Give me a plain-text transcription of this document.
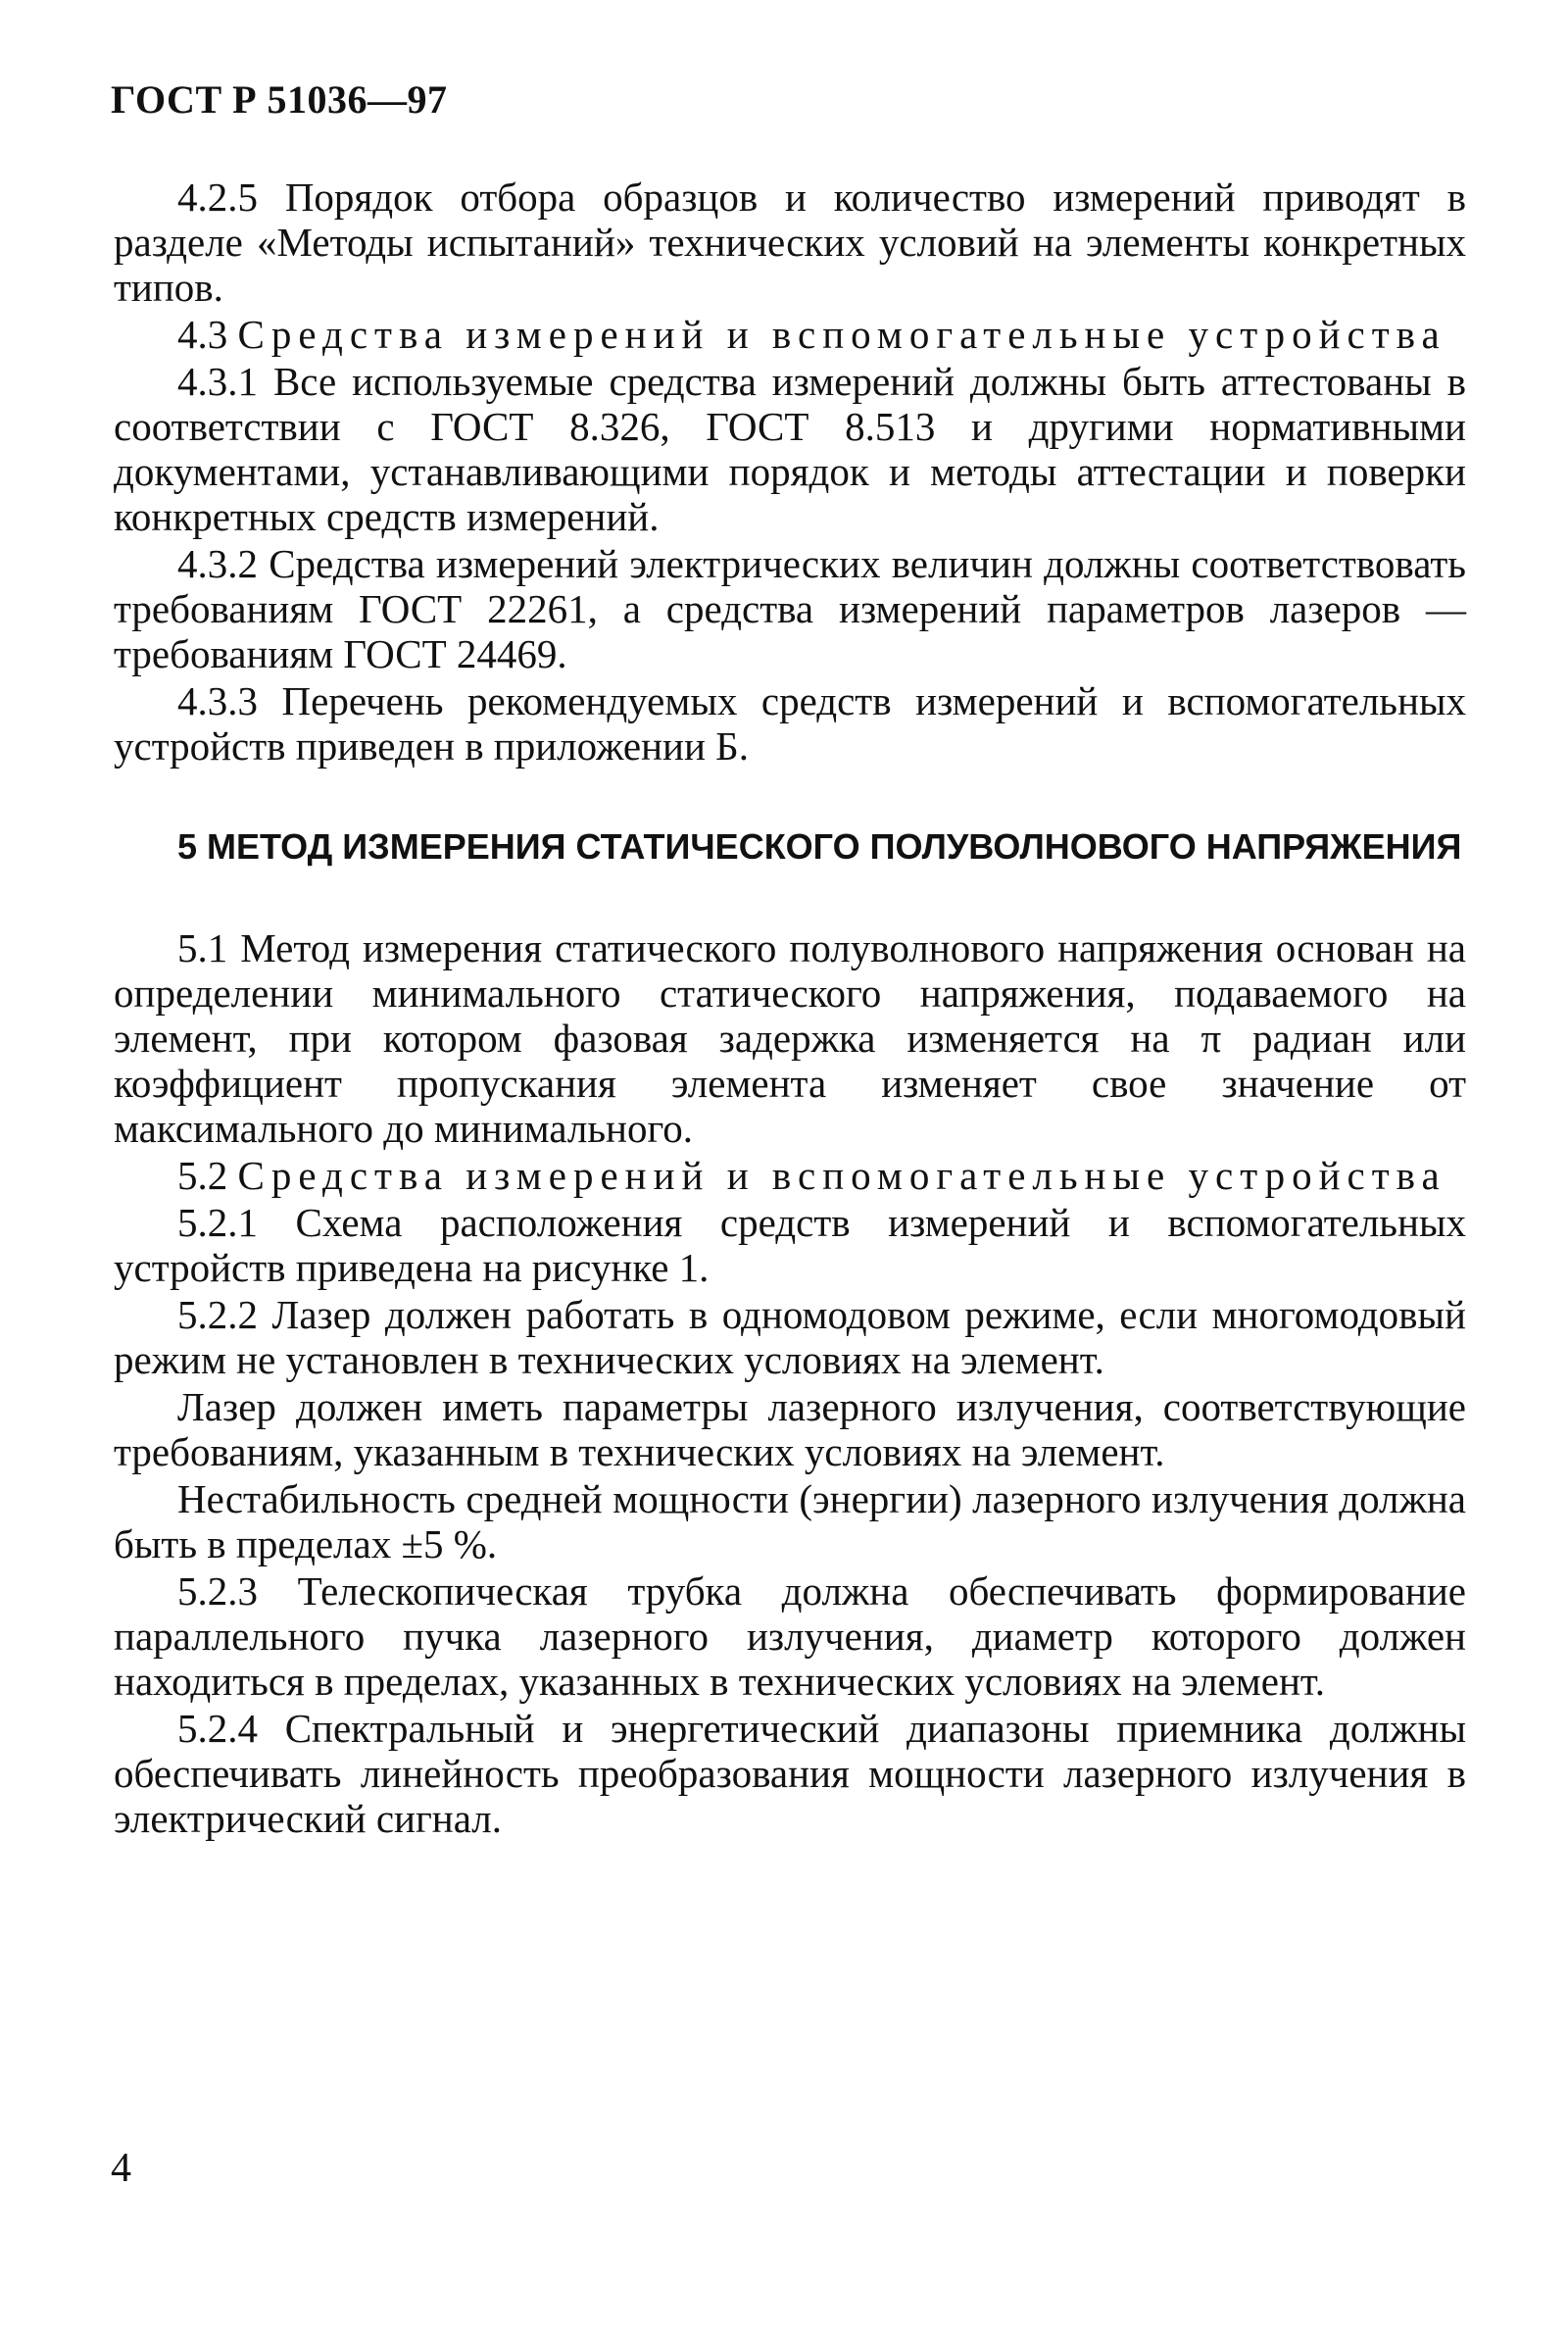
ГОСТ Р 51036—97

4.2.5 Порядок отбора образцов и количество измерений приводят в разделе «Методы испытаний» технических условий на элементы конкретных типов.

4.3 Средства измерений и вспомогательные устройства

4.3.1 Все используемые средства измерений должны быть аттестованы в соответствии с ГОСТ 8.326, ГОСТ 8.513 и другими нормативными документами, устанавливающими порядок и методы аттестации и поверки конкретных средств измерений.

4.3.2 Средства измерений электрических величин должны соответствовать требованиям ГОСТ 22261, а средства измерений параметров лазеров — требованиям ГОСТ 24469.

4.3.3 Перечень рекомендуемых средств измерений и вспомогательных устройств приведен в приложении Б.

5 МЕТОД ИЗМЕРЕНИЯ СТАТИЧЕСКОГО ПОЛУВОЛНОВОГО НАПРЯЖЕНИЯ

5.1 Метод измерения статического полуволнового напряжения основан на определении минимального статического напряжения, подаваемого на элемент, при котором фазовая задержка изменяется на π радиан или коэффициент пропускания элемента изменяет свое значение от максимального до минимального.

5.2 Средства измерений и вспомогательные устройства

5.2.1 Схема расположения средств измерений и вспомогательных устройств приведена на рисунке 1.

5.2.2 Лазер должен работать в одномодовом режиме, если многомодовый режим не установлен в технических условиях на элемент.

Лазер должен иметь параметры лазерного излучения, соответствующие требованиям, указанным в технических условиях на элемент.

Нестабильность средней мощности (энергии) лазерного излучения должна быть в пределах ±5 %.

5.2.3 Телескопическая трубка должна обеспечивать формирование параллельного пучка лазерного излучения, диаметр которого должен находиться в пределах, указанных в технических условиях на элемент.

5.2.4 Спектральный и энергетический диапазоны приемника должны обеспечивать линейность преобразования мощности лазерного излучения в электрический сигнал.

4
